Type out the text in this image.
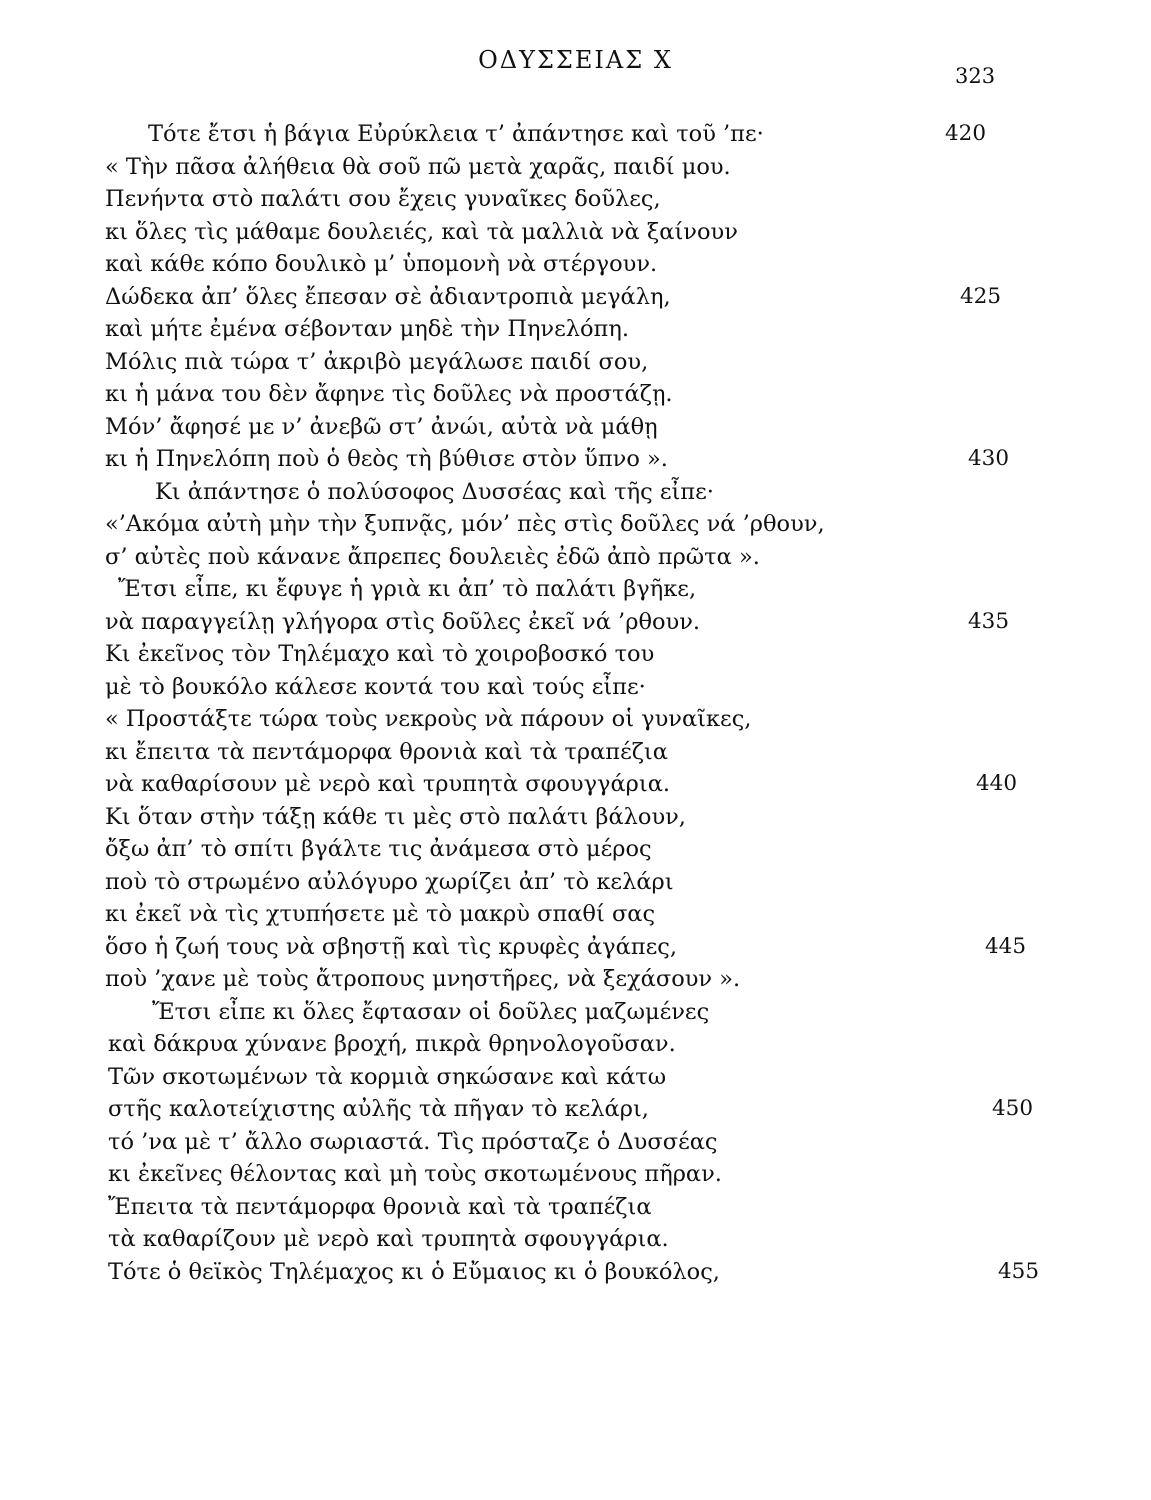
ΟΔΥΣΣΕΙΑΣ Χ
323
Τότε ἔτσι ἡ βάγια Εὐρύκλεια τ’ ἀπάντησε καὶ τοῦ ’πε·	420
« Τὴν πᾶσα ἀλήθεια θὰ σοῦ πῶ μετὰ χαρᾶς, παιδί μου.
Πενήντα στὸ παλάτι σου ἔχεις γυναῖκες δοῦλες,
κι ὅλες τὶς μάθαμε δουλειές, καὶ τὰ μαλλιὰ νὰ ξαίνουν
καὶ κάθε κόπο δουλικὸ μ’ ὑπομονὴ νὰ στέργουν.
Δώδεκα ἀπ’ ὅλες ἔπεσαν σὲ ἀδιαντροπιὰ μεγάλη,	425
καὶ μήτε ἐμένα σέβονταν μηδὲ τὴν Πηνελόπη.
Μόλις πιὰ τώρα τ’ ἀκριβὸ μεγάλωσε παιδί σου,
κι ἡ μάνα του δὲν ἄφηνε τὶς δοῦλες νὰ προστάζῃ.
Μόν’ ἄφησέ με ν’ ἀνεβῶ στ’ ἀνώι, αὐτὰ νὰ μάθῃ
κι ἡ Πηνελόπη ποὺ ὁ θεὸς τὴ βύθισε στὸν ὕπνο ».	430
Κι ἀπάντησε ὁ πολύσοφος Δυσσέας καὶ τῆς εἶπε·
«’Ακόμα αὐτὴ μὴν τὴν ξυπνᾷς, μόν’ πὲς στὶς δοῦλες νά ’ρθουν,
σ’ αὐτὲς ποὺ κάνανε ἄπρεπες δουλειὲς ἐδῶ ἀπὸ πρῶτα ».
Ἔτσι εἶπε, κι ἔφυγε ἡ γριὰ κι ἀπ’ τὸ παλάτι βγῆκε,
νὰ παραγγείλῃ γλήγορα στὶς δοῦλες ἐκεῖ νά ’ρθουν.	435
Κι ἐκεῖνος τὸν Τηλέμαχο καὶ τὸ χοιροβοσκό του
μὲ τὸ βουκόλο κάλεσε κοντά του καὶ τούς εἶπε·
« Προστάξτε τώρα τοὺς νεκροὺς νὰ πάρουν οἱ γυναῖκες,
κι ἔπειτα τὰ πεντάμορφα θρονιὰ καὶ τὰ τραπέζια
νὰ καθαρίσουν μὲ νερὸ καὶ τρυπητὰ σφουγγάρια.	440
Κι ὅταν στὴν τάξῃ κάθε τι μὲς στὸ παλάτι βάλουν,
ὄξω ἀπ’ τὸ σπίτι βγάλτε τις ἀνάμεσα στὸ μέρος
ποὺ τὸ στρωμένο αὐλόγυρο χωρίζει ἀπ’ τὸ κελάρι
κι ἐκεῖ νὰ τὶς χτυπήσετε μὲ τὸ μακρὺ σπαθί σας
ὅσο ἡ ζωή τους νὰ σβηστῇ καὶ τὶς κρυφὲς ἀγάπες,	445
ποὺ ’χανε μὲ τοὺς ἄτροπους μνηστῆρες, νὰ ξεχάσουν ».
Ἔτσι εἶπε κι ὅλες ἔφτασαν οἱ δοῦλες μαζωμένες
καὶ δάκρυα χύνανε βροχή, πικρὰ θρηνολογοῦσαν.
Τῶν σκοτωμένων τὰ κορμιὰ σηκώσανε καὶ κάτω
στῆς καλοτείχιστης αὐλῆς τὰ πῆγαν τὸ κελάρι,	450
τό ’να μὲ τ’ ἄλλο σωριαστά. Τὶς πρόσταζε ὁ Δυσσέας
κι ἐκεῖνες θέλοντας καὶ μὴ τοὺς σκοτωμένους πῆραν.
Ἔπειτα τὰ πεντάμορφα θρονιὰ καὶ τὰ τραπέζια
τὰ καθαρίζουν μὲ νερὸ καὶ τρυπητὰ σφουγγάρια.
Τότε ὁ θεϊκὸς Τηλέμαχος κι ὁ Εὔμαιος κι ὁ βουκόλος,	455
